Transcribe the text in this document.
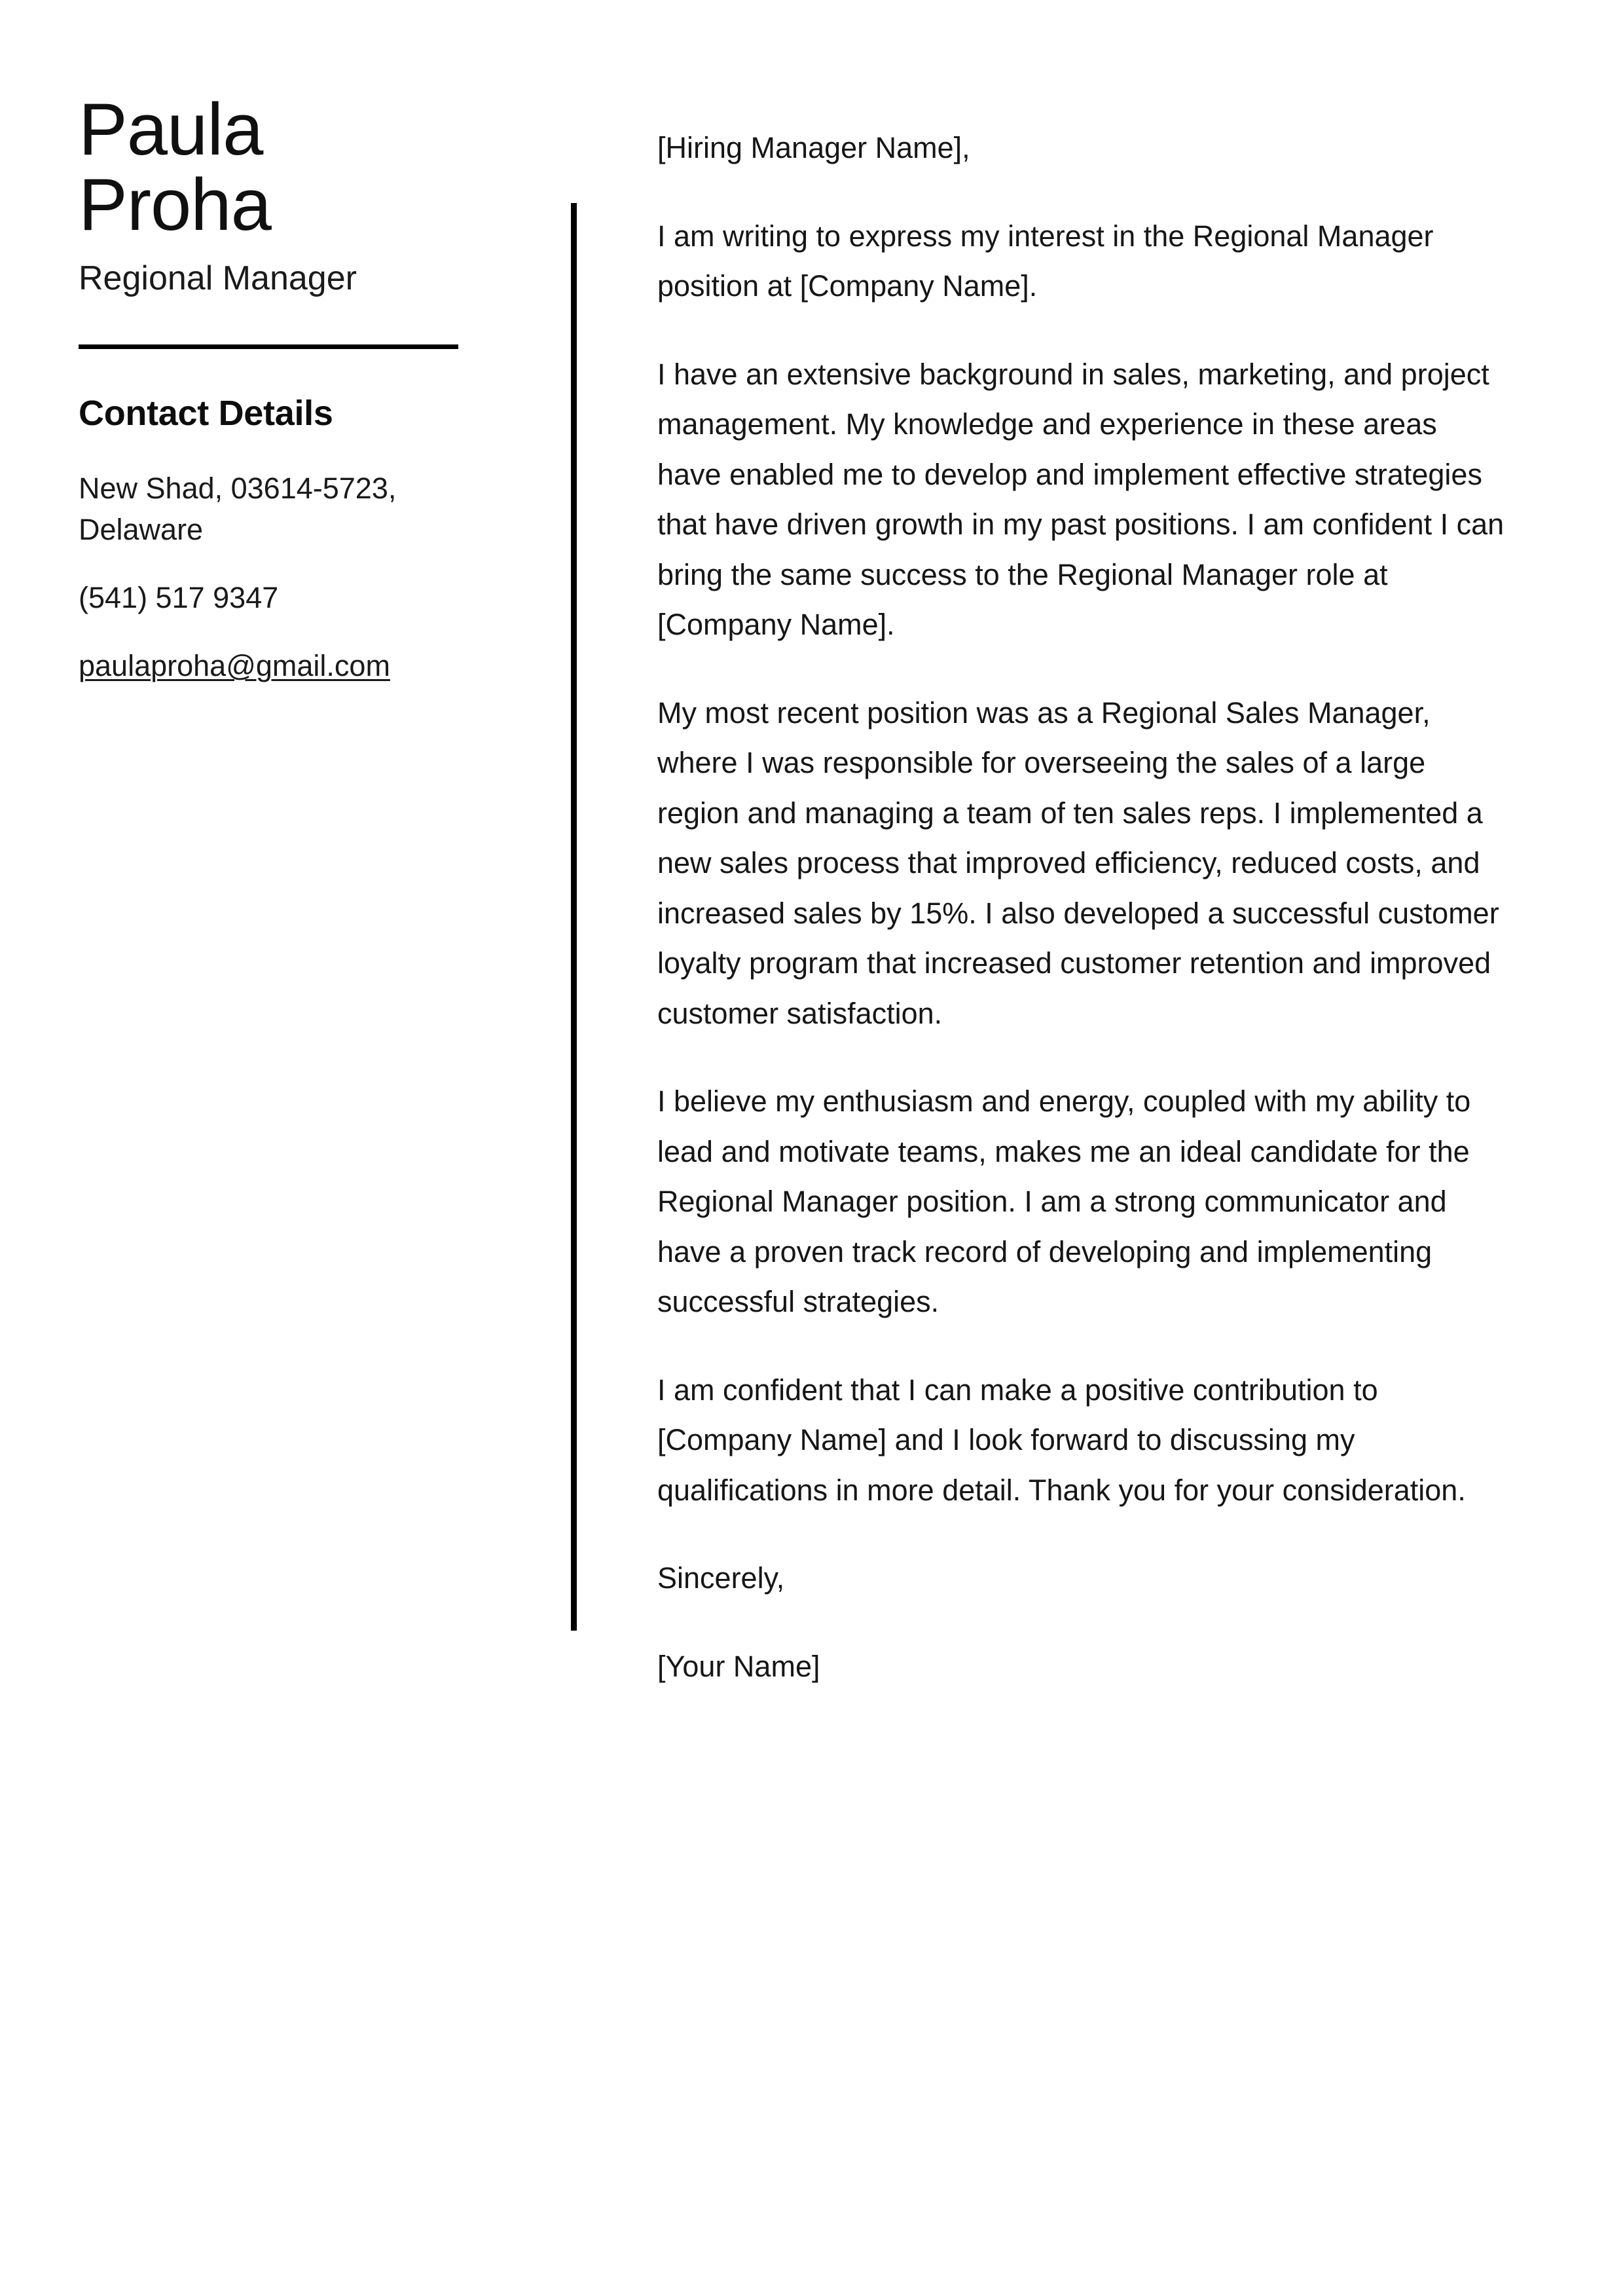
Paula
Proha
Regional Manager
Contact Details
New Shad, 03614-5723, Delaware
(541) 517 9347
paulaproha@gmail.com

[Hiring Manager Name],

I am writing to express my interest in the Regional Manager position at [Company Name].

I have an extensive background in sales, marketing, and project management. My knowledge and experience in these areas have enabled me to develop and implement effective strategies that have driven growth in my past positions. I am confident I can bring the same success to the Regional Manager role at [Company Name].

My most recent position was as a Regional Sales Manager, where I was responsible for overseeing the sales of a large region and managing a team of ten sales reps. I implemented a new sales process that improved efficiency, reduced costs, and increased sales by 15%. I also developed a successful customer loyalty program that increased customer retention and improved customer satisfaction.

I believe my enthusiasm and energy, coupled with my ability to lead and motivate teams, makes me an ideal candidate for the Regional Manager position. I am a strong communicator and have a proven track record of developing and implementing successful strategies.

I am confident that I can make a positive contribution to [Company Name] and I look forward to discussing my qualifications in more detail. Thank you for your consideration.

Sincerely,

[Your Name]
